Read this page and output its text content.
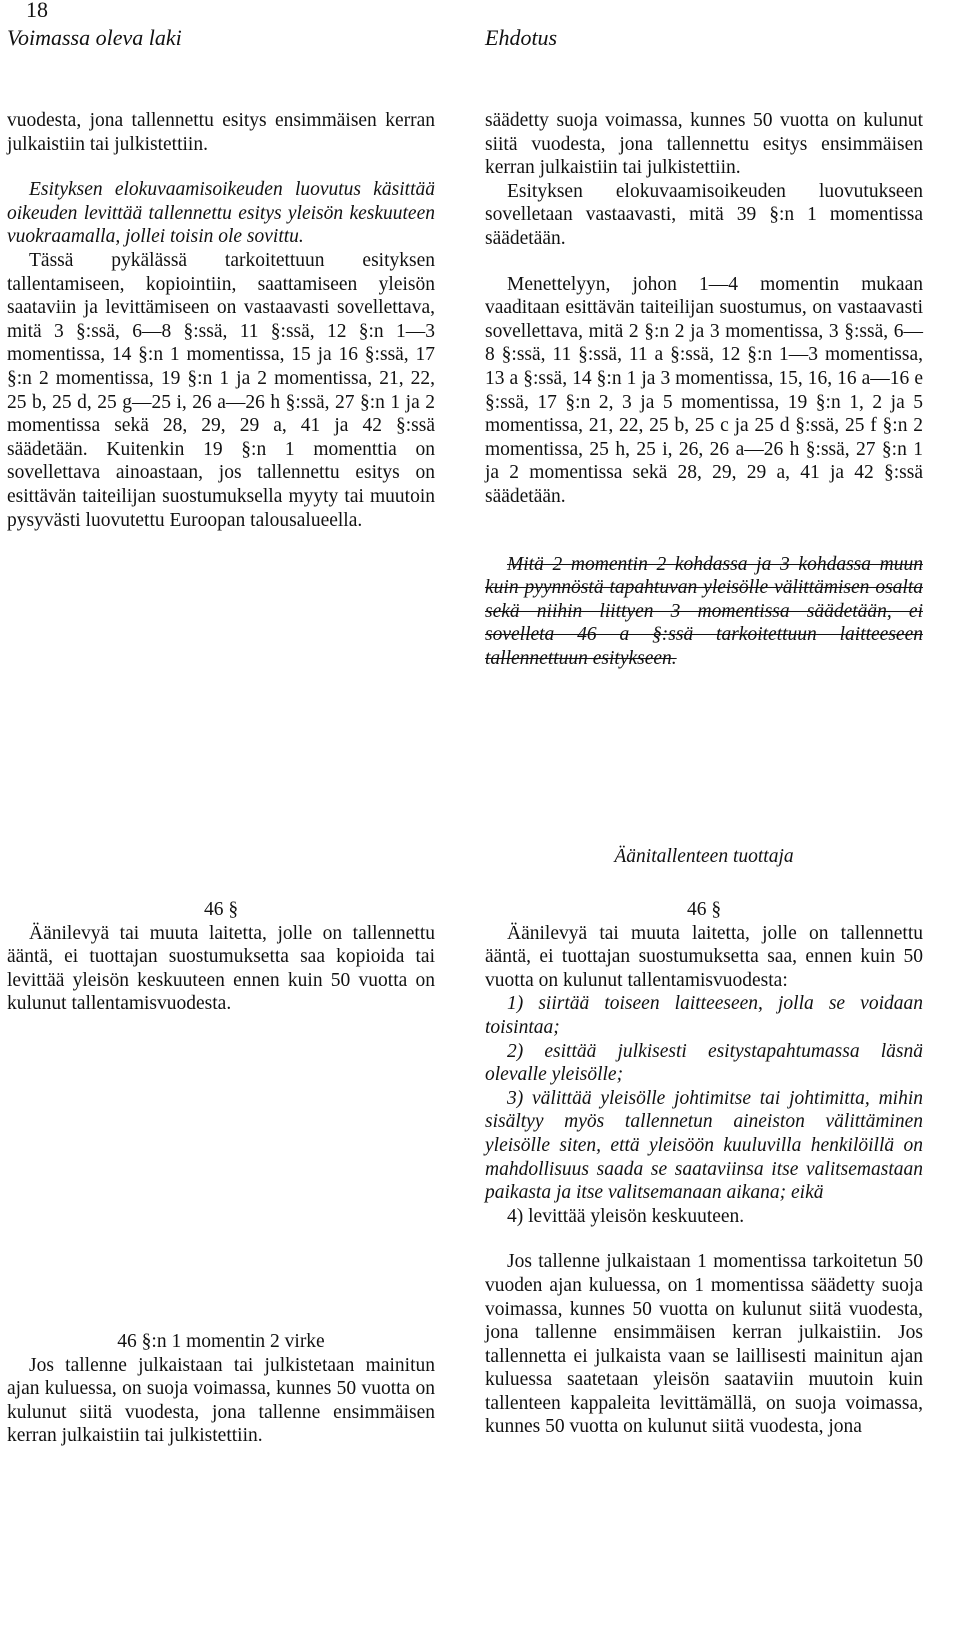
18
Voimassa oleva laki	Ehdotus

vuodesta, jona tallennettu esitys ensimmäisen kerran julkaistiin tai julkistettiin.

Esityksen elokuvaamisoikeuden luovutus käsittää oikeuden levittää tallennettu esitys yleisön keskuuteen vuokraamalla, jollei toisin ole sovittu.

Tässä pykälässä tarkoitettuun esityksen tallentamiseen, kopiointiin, saattamiseen yleisön saataviin ja levittämiseen on vastaavasti sovellettava, mitä 3 §:ssä, 6—8 §:ssä, 11 §:ssä, 12 §:n 1—3 momentissa, 14 §:n 1 momentissa, 15 ja 16 §:ssä, 17 §:n 2 momentissa, 19 §:n 1 ja 2 momentissa, 21, 22, 25 b, 25 d, 25 g—25 i, 26 a—26 h §:ssä, 27 §:n 1 ja 2 momentissa sekä 28, 29, 29 a, 41 ja 42 §:ssä säädetään. Kuitenkin 19 §:n 1 momenttia on sovellettava ainoastaan, jos tallennettu esitys on esittävän taiteilijan suostumuksella myyty tai muutoin pysyvästi luovutettu Euroopan talousalueella.

säädetty suoja voimassa, kunnes 50 vuotta on kulunut siitä vuodesta, jona tallennettu esitys ensimmäisen kerran julkaistiin tai julkistettiin.

Esityksen elokuvaamisoikeuden luovutukseen sovelletaan vastaavasti, mitä 39 §:n 1 momentissa säädetään.

Menettelyyn, johon 1—4 momentin mukaan vaaditaan esittävän taiteilijan suostumus, on vastaavasti sovellettava, mitä 2 §:n 2 ja 3 momentissa, 3 §:ssä, 6—8 §:ssä, 11 §:ssä, 11 a §:ssä, 12 §:n 1—3 momentissa, 13 a §:ssä, 14 §:n 1 ja 3 momentissa, 15, 16, 16 a—16 e §:ssä, 17 §:n 2, 3 ja 5 momentissa, 19 §:n 1, 2 ja 5 momentissa, 21, 22, 25 b, 25 c ja 25 d §:ssä, 25 f §:n 2 momentissa, 25 h, 25 i, 26, 26 a—26 h §:ssä, 27 §:n 1 ja 2 momentissa sekä 28, 29, 29 a, 41 ja 42 §:ssä säädetään.

Mitä 2 momentin 2 kohdassa ja 3 kohdassa muun kuin pyynnöstä tapahtuvan yleisölle välittämisen osalta sekä niihin liittyen 3 momentissa säädetään, ei sovelleta 46 a §:ssä tarkoitettuun laitteeseen tallennettuun esitykseen.

Äänitallenteen tuottaja

46 §

Äänilevyä tai muuta laitetta, jolle on tallennettu ääntä, ei tuottajan suostumuksetta saa kopioida tai levittää yleisön keskuuteen ennen kuin 50 vuotta on kulunut tallentamisvuodesta.

46 §

Äänilevyä tai muuta laitetta, jolle on tallennettu ääntä, ei tuottajan suostumuksetta saa, ennen kuin 50 vuotta on kulunut tallentamisvuodesta:

1) siirtää toiseen laitteeseen, jolla se voidaan toisintaa;

2) esittää julkisesti esitystapahtumassa läsnä olevalle yleisölle;

3) välittää yleisölle johtimitse tai johtimitta, mihin sisältyy myös tallennetun aineiston välittäminen yleisölle siten, että yleisöön kuuluvilla henkilöillä on mahdollisuus saada se saataviinsa itse valitsemastaan paikasta ja itse valitsemanaan aikana; eikä

4) levittää yleisön keskuuteen.

Jos tallenne julkaistaan 1 momentissa tarkoitetun 50 vuoden ajan kuluessa, on 1 momentissa säädetty suoja voimassa, kunnes 50 vuotta on kulunut siitä vuodesta, jona tallenne ensimmäisen kerran julkaistiin. Jos tallennetta ei julkaista vaan se laillisesti mainitun ajan kuluessa saatetaan yleisön saataviin muutoin kuin tallenteen kappaleita levittämällä, on suoja voimassa, kunnes 50 vuotta on kulunut siitä vuodesta, jona

46 §:n 1 momentin 2 virke

Jos tallenne julkaistaan tai julkistetaan mainitun ajan kuluessa, on suoja voimassa, kunnes 50 vuotta on kulunut siitä vuodesta, jona tallenne ensimmäisen kerran julkaistiin tai julkistettiin.
